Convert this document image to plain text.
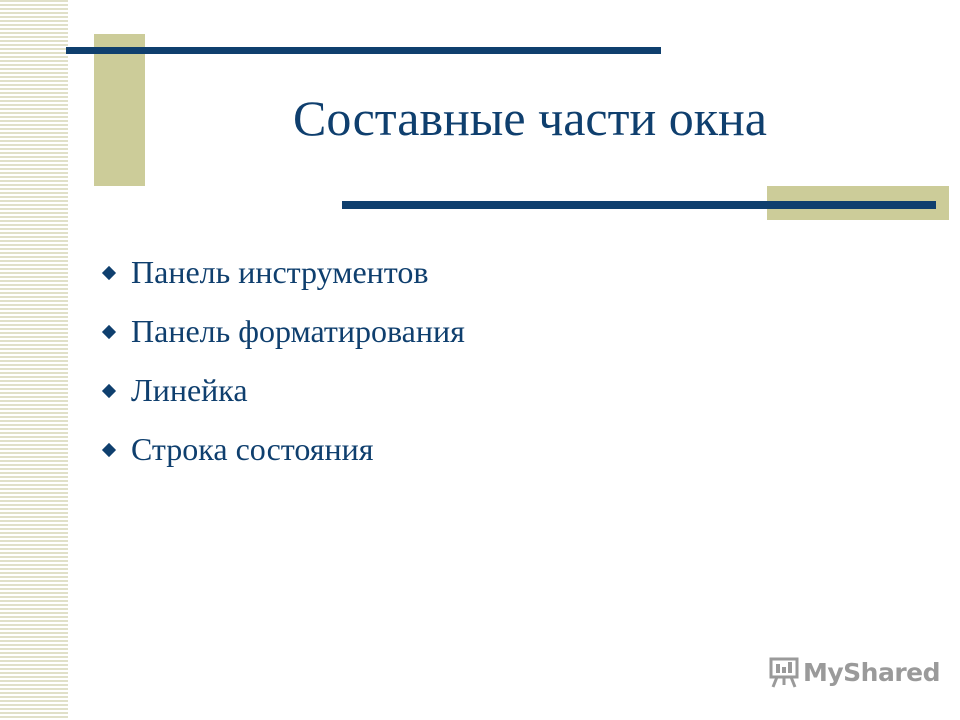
Составные части окна
Панель инструментов
Панель форматирования
Линейка
Строка состояния
MyShared
